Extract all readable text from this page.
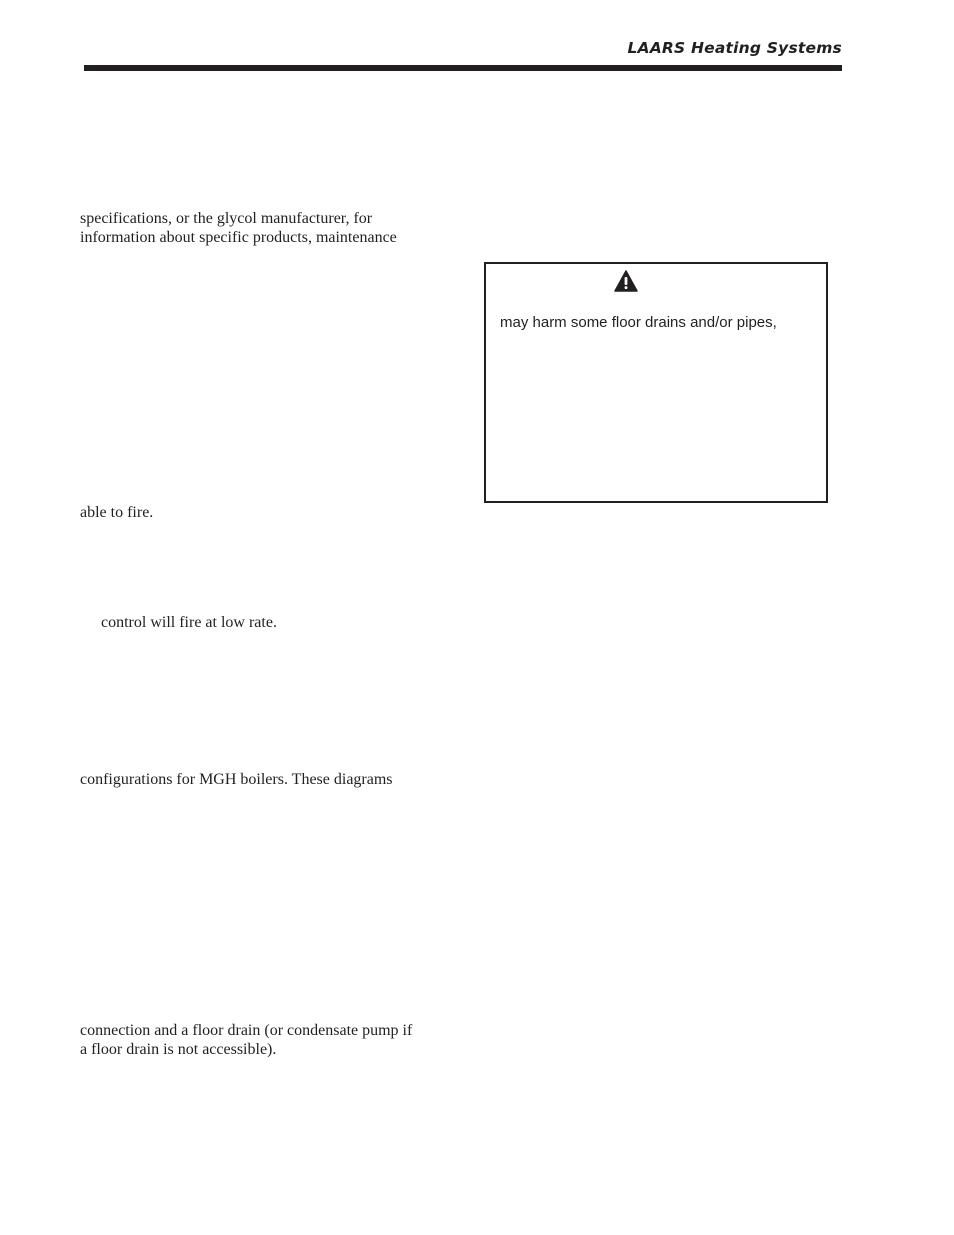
LAARS Heating Systems
specifications, or the glycol manufacturer, for
information about specific products, maintenance
able to fire.
control will fire at low rate.
configurations for MGH boilers. These diagrams
connection and a floor drain (or condensate pump if
a floor drain is not accessible).
may harm some floor drains and/or pipes,
